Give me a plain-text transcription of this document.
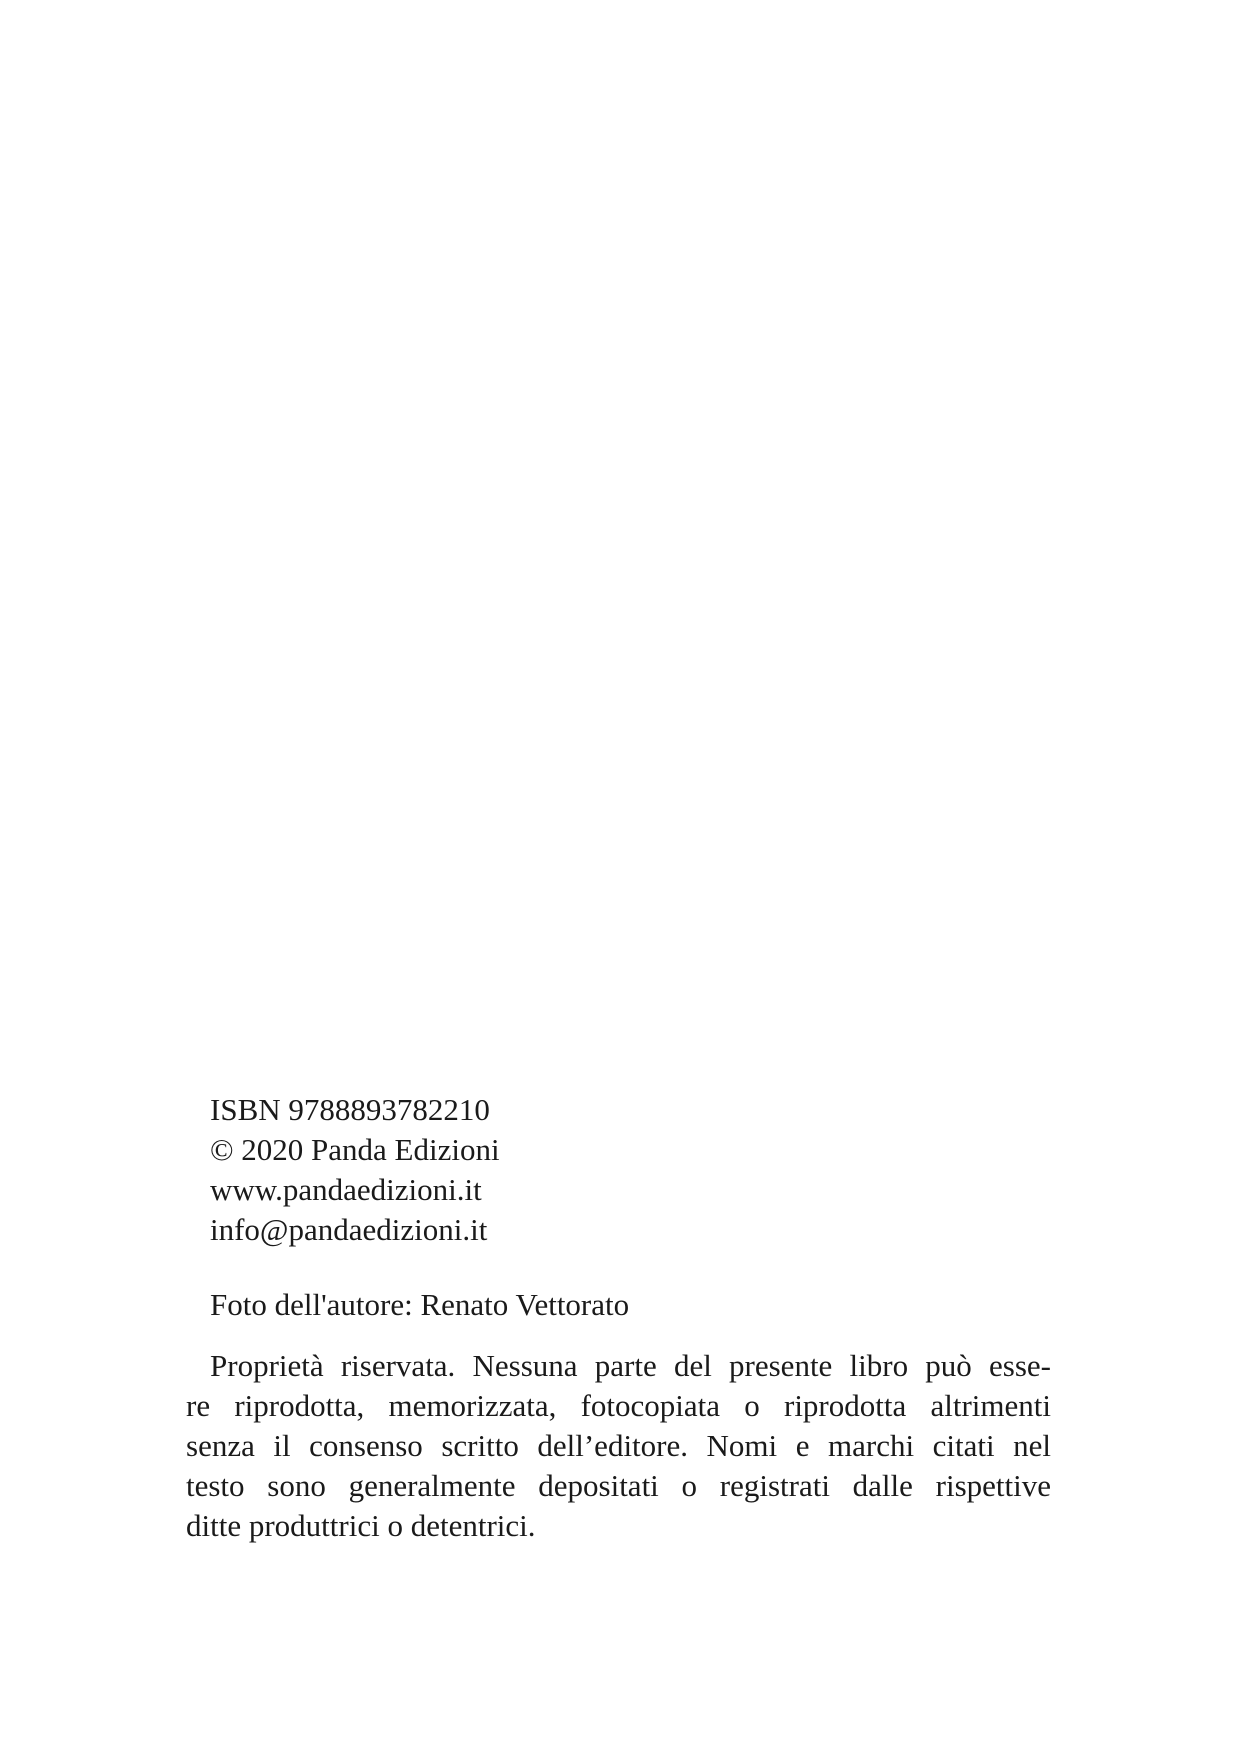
ISBN 9788893782210
© 2020 Panda Edizioni
www.pandaedizioni.it
info@pandaedizioni.it
Foto dell'autore: Renato Vettorato
Proprietà riservata. Nessuna parte del presente libro può esse-
re riprodotta, memorizzata, fotocopiata o riprodotta altrimenti
senza il consenso scritto dell’editore. Nomi e marchi citati nel
testo sono generalmente depositati o registrati dalle rispettive
ditte produttrici o detentrici.
